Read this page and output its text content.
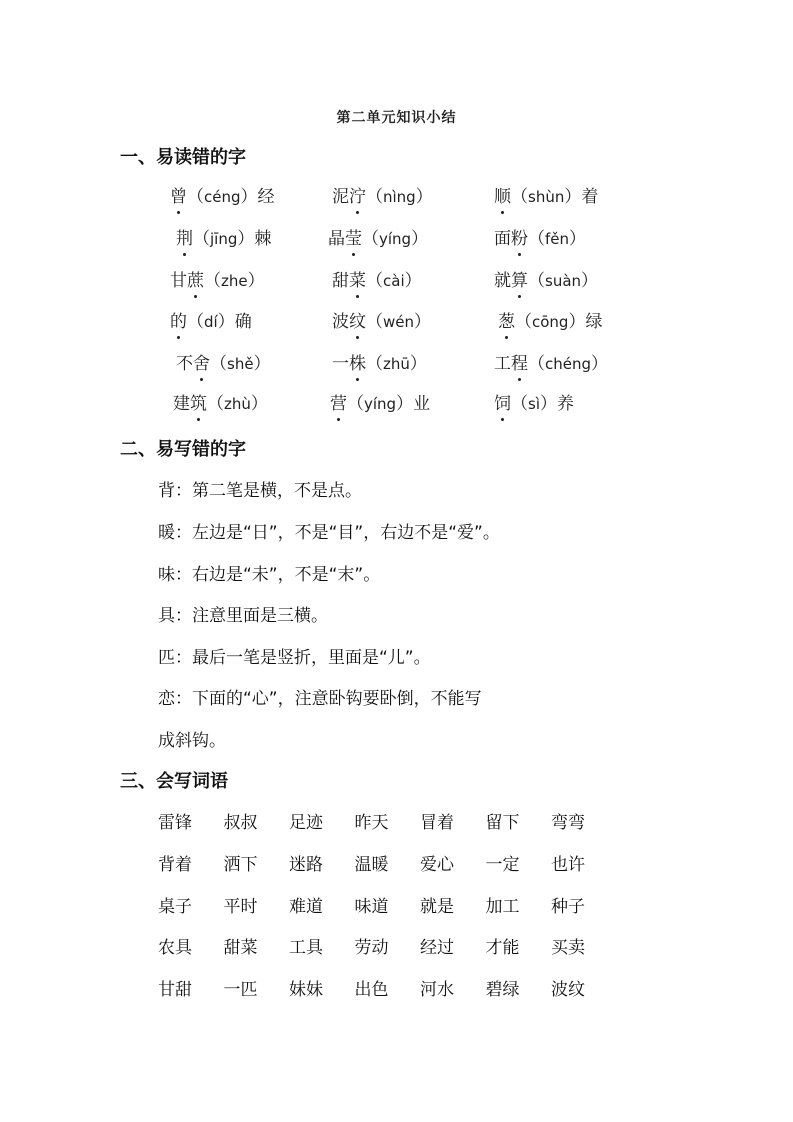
第二单元知识小结
一、易读错的字
曾（céng）经	泥泞（nìng）	顺（shùn）着
荆（jīng）棘	晶莹（yíng）	面粉（fěn）
甘蔗（zhe）	甜菜（cài）	就算（suàn）
的（dí）确	波纹（wén）	葱（cōng）绿
不舍（shě）	一株（zhū）	工程（chéng）
建筑（zhù）	营（yíng）业	饲（sì）养
二、易写错的字
背：第二笔是横，不是点。
暖：左边是“日”，不是“目”，右边不是“爱”。
味：右边是“未”，不是“末”。
具：注意里面是三横。
匹：最后一笔是竖折，里面是“儿”。
恋：下面的“心”，注意卧钩要卧倒，不能写
成斜钩。
三、会写词语
雷锋 叔叔 足迹 昨天 冒着 留下 弯弯
背着 洒下 迷路 温暖 爱心 一定 也许
桌子 平时 难道 味道 就是 加工 种子
农具 甜菜 工具 劳动 经过 才能 买卖
甘甜 一匹 妹妹 出色 河水 碧绿 波纹
